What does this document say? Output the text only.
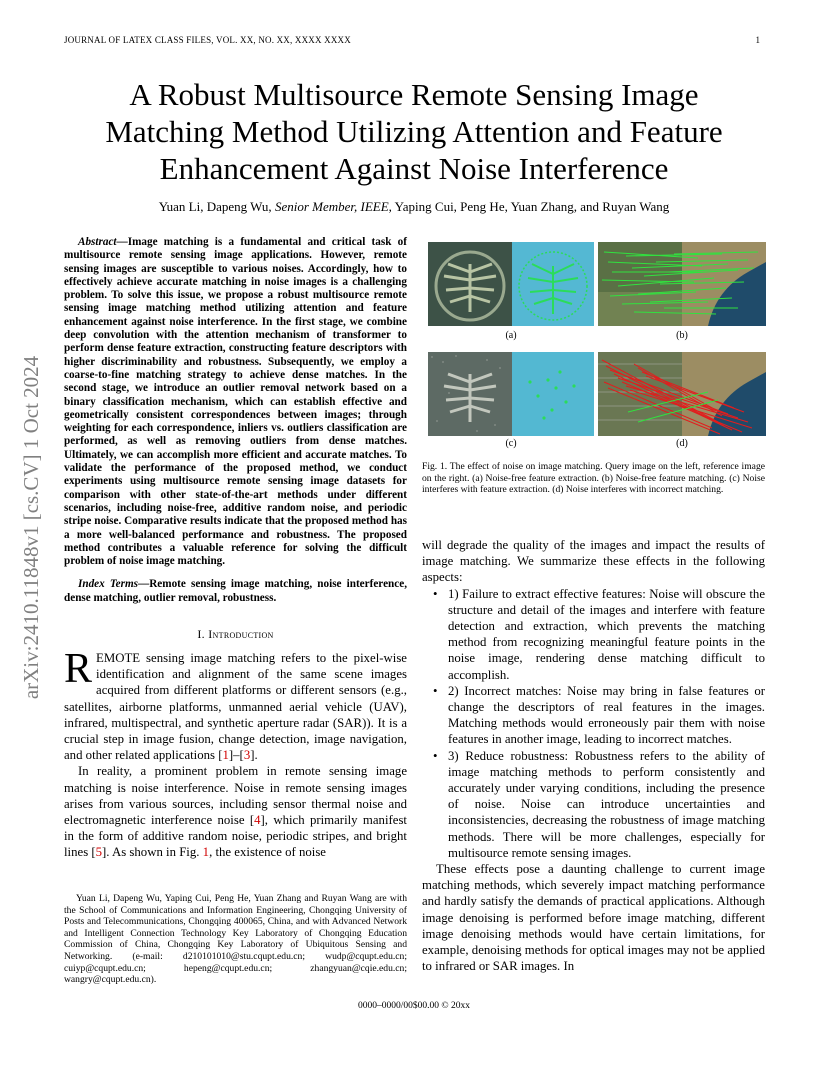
JOURNAL OF LATEX CLASS FILES, VOL. XX, NO. XX, XXXX XXXX	1
A Robust Multisource Remote Sensing Image
Matching Method Utilizing Attention and Feature
Enhancement Against Noise Interference
Yuan Li, Dapeng Wu, Senior Member, IEEE, Yaping Cui, Peng He, Yuan Zhang, and Ruyan Wang
arXiv:2410.11848v1 [cs.CV] 1 Oct 2024

Abstract—Image matching is a fundamental and critical task of multisource remote sensing image applications. However, remote sensing images are susceptible to various noises. Accordingly, how to effectively achieve accurate matching in noise images is a challenging problem. To solve this issue, we propose a robust multisource remote sensing image matching method utilizing attention and feature enhancement against noise interference. In the first stage, we combine deep convolution with the attention mechanism of transformer to perform dense feature extraction, constructing feature descriptors with higher discriminability and robustness. Subsequently, we employ a coarse-to-fine matching strategy to achieve dense matches. In the second stage, we introduce an outlier removal network based on a binary classification mechanism, which can establish effective and geometrically consistent correspondences between images; through weighting for each correspondence, inliers vs. outliers classification are performed, as well as removing outliers from dense matches. Ultimately, we can accomplish more efficient and accurate matches. To validate the performance of the proposed method, we conduct experiments using multisource remote sensing image datasets for comparison with other state-of-the-art methods under different scenarios, including noise-free, additive random noise, and periodic stripe noise. Comparative results indicate that the proposed method has a more well-balanced performance and robustness. The proposed method contributes a valuable reference for solving the difficult problem of noise image matching.

Index Terms—Remote sensing image matching, noise interference, dense matching, outlier removal, robustness.

I. Introduction

REMOTE sensing image matching refers to the pixel-wise identification and alignment of the same scene images acquired from different platforms or different sensors (e.g., satellites, airborne platforms, unmanned aerial vehicle (UAV), infrared, multispectral, and synthetic aperture radar (SAR)). It is a crucial step in image fusion, change detection, image navigation, and other related applications [1]–[3].

In reality, a prominent problem in remote sensing image matching is noise interference. Noise in remote sensing images arises from various sources, including sensor thermal noise and electromagnetic interference noise [4], which primarily manifest in the form of additive random noise, periodic stripes, and bright lines [5]. As shown in Fig. 1, the existence of noise

Yuan Li, Dapeng Wu, Yaping Cui, Peng He, Yuan Zhang and Ruyan Wang are with the School of Communications and Information Engineering, Chongqing University of Posts and Telecommunications, Chongqing 400065, China, and with Advanced Network and Intelligent Connection Technology Key Laboratory of Chongqing Education Commission of China, Chongqing Key Laboratory of Ubiquitous Sensing and Networking. (e-mail: d210101010@stu.cqupt.edu.cn; wudp@cqupt.edu.cn; cuiyp@cqupt.edu.cn; hepeng@cqupt.edu.cn; zhangyuan@cqie.edu.cn; wangry@cqupt.edu.cn).

(a)	(b)
(c)	(d)

Fig. 1. The effect of noise on image matching. Query image on the left, reference image on the right. (a) Noise-free feature extraction. (b) Noise-free feature matching. (c) Noise interferes with feature extraction. (d) Noise interferes with incorrect matching.

will degrade the quality of the images and impact the results of image matching. We summarize these effects in the following aspects:

• 1) Failure to extract effective features: Noise will obscure the structure and detail of the images and interfere with feature detection and extraction, which prevents the matching method from recognizing meaningful feature points in the noise image, rendering dense matching difficult to accomplish.
• 2) Incorrect matches: Noise may bring in false features or change the descriptors of real features in the images. Matching methods would erroneously pair them with noise features in another image, leading to incorrect matches.
• 3) Reduce robustness: Robustness refers to the ability of image matching methods to perform consistently and accurately under varying conditions, including the presence of noise. Noise can introduce uncertainties and inconsistencies, decreasing the robustness of image matching methods. There will be more challenges, especially for multisource remote sensing images.

These effects pose a daunting challenge to current image matching methods, which severely impact matching performance and hardly satisfy the demands of practical applications. Although image denoising is performed before image matching, different image denoising methods would have certain limitations, for example, denoising methods for optical images may not be applied to infrared or SAR images. In

0000–0000/00$00.00 © 20xx
